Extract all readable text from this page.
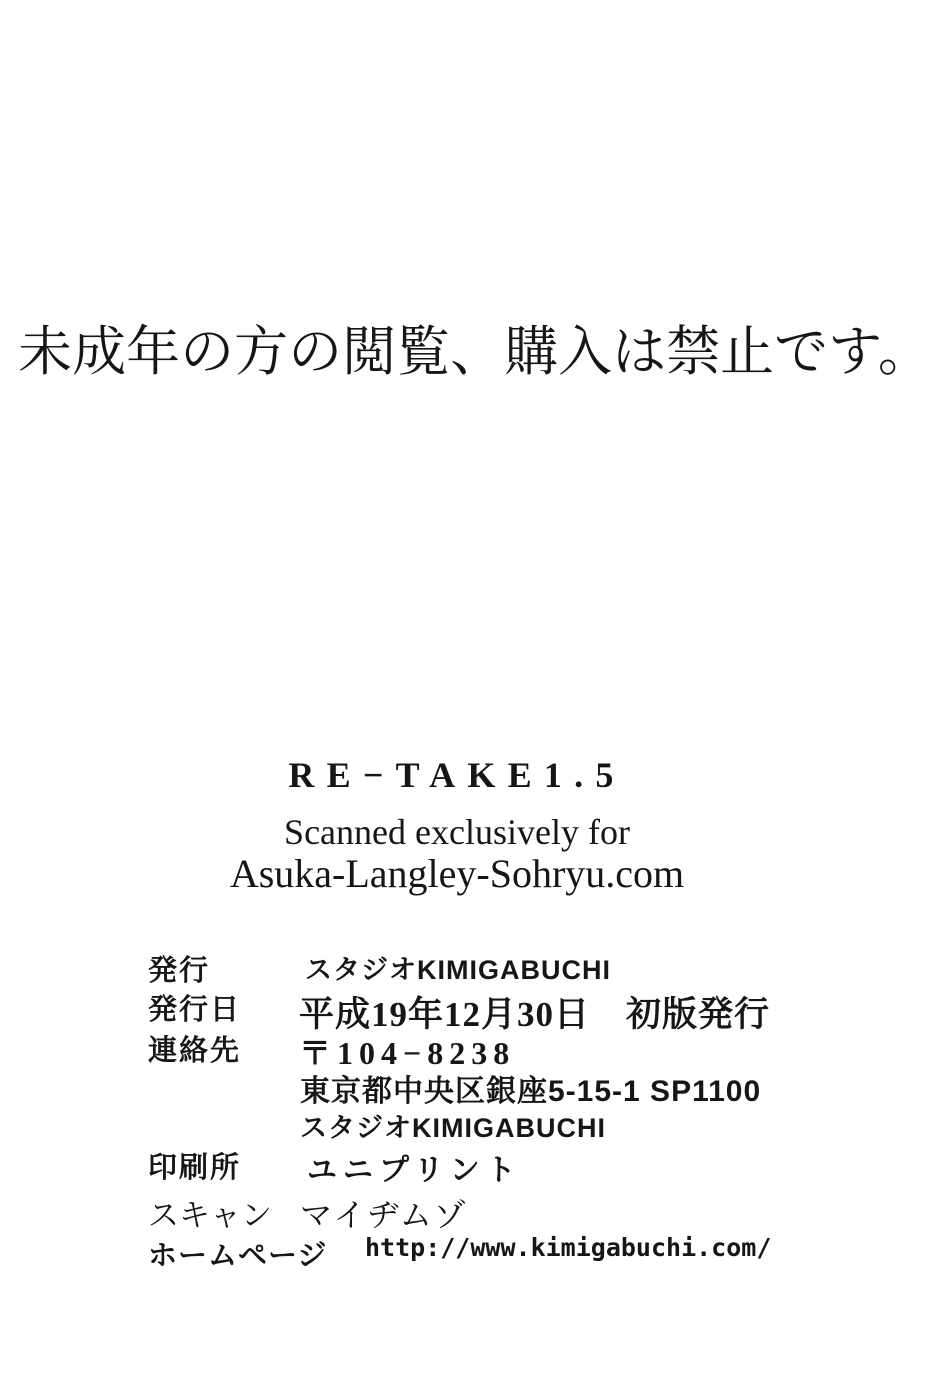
未成年の方の閲覧、購入は禁止です。
RE−TAKE1.5
Scanned exclusively for
Asuka-Langley-Sohryu.com
発行	スタジオKIMIGABUCHI
発行日 平成19年12月30日　初版発行
連絡先 〒104−8238
東京都中央区銀座5-15-1 SP1100
スタジオKIMIGABUCHI
印刷所 ユニプリント
スキャン マイヂムゾ
ホームページ http://www.kimigabuchi.com/
